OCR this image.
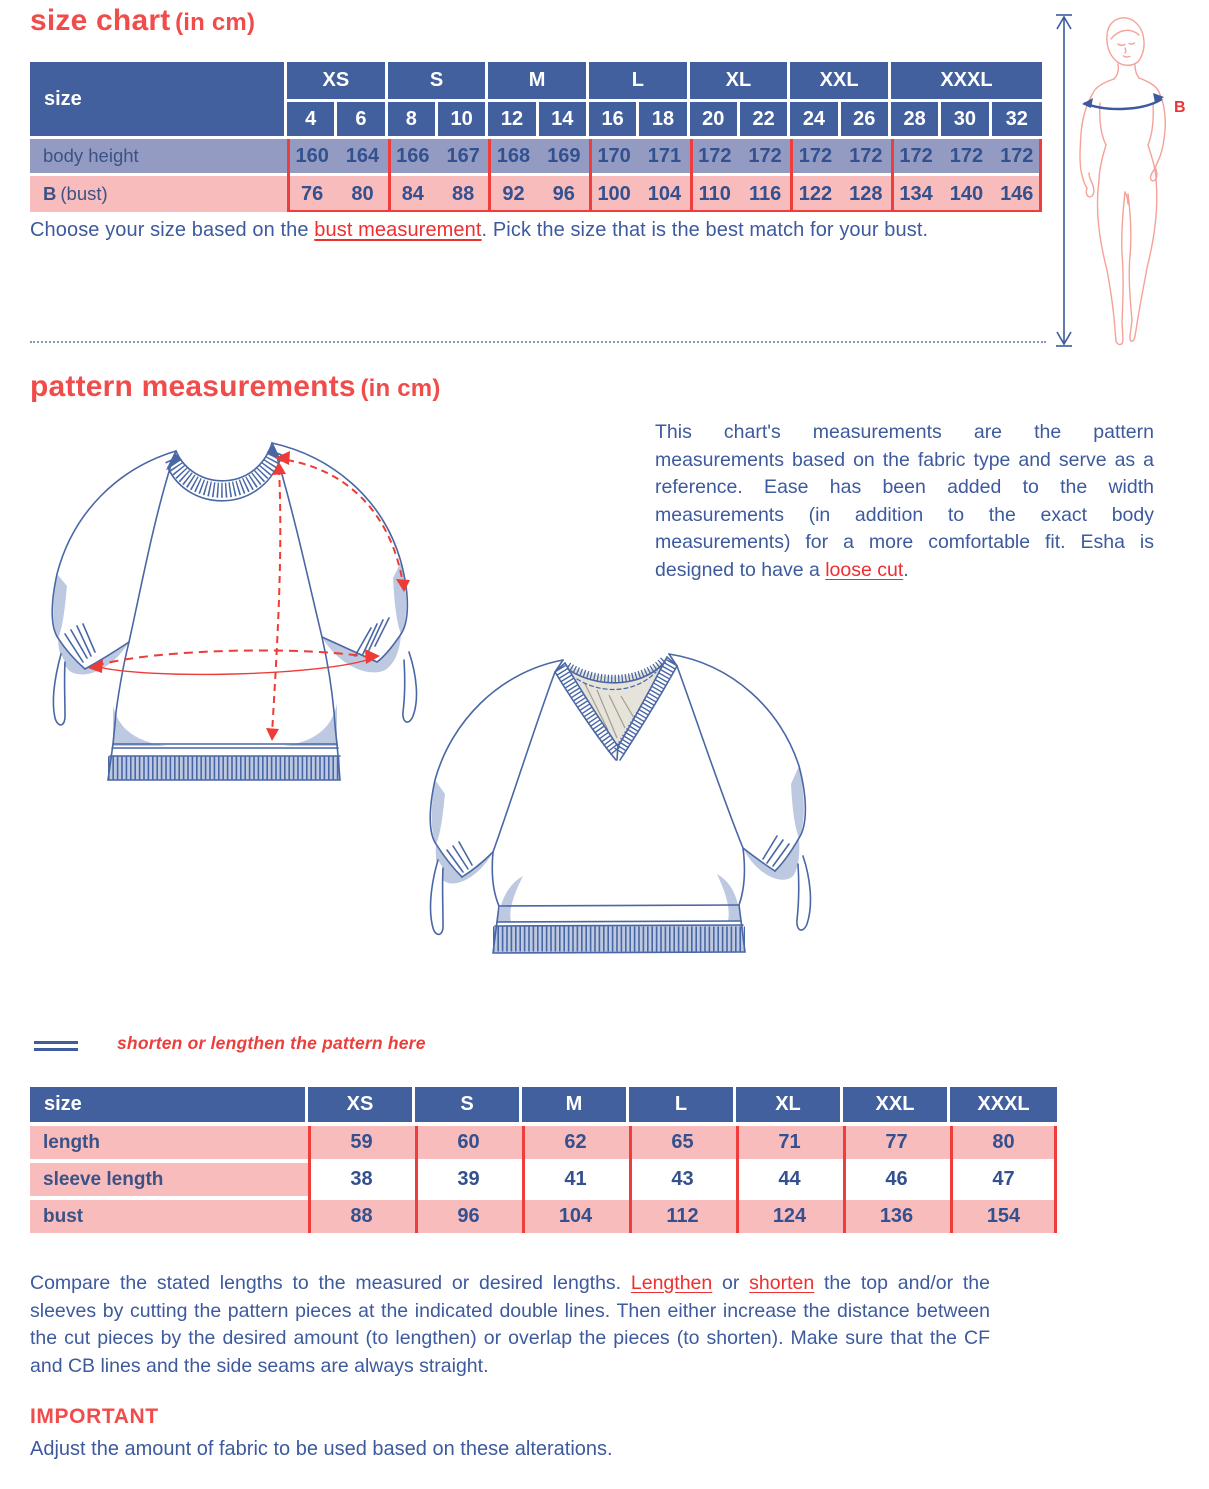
size chart (in cm)
size
XS	S	M	L	XL	XXL	XXXL
4	6	8	10	12	14	16	18	20	22	24	26	28	30	32
body height	160 164 166 167 168 169 170 171 172 172 172 172 172 172 172
B (bust)	76	80	84	88	92	96	100 104 110 116 122 128 134 140 146
Choose your size based on the bust measurement. Pick the size that is the best match for your bust.
B
pattern measurements (in cm)
This chart's measurements are the pattern measurements based on the fabric type and serve as a reference. Ease has been added to the width measurements (in addition to the exact body measurements) for a more comfortable fit. Esha is designed to have a loose cut.
shorten or lengthen the pattern here
size	XS	S	M	L	XL	XXL	XXXL
length	59	60	62	65	71	77	80
sleeve length	38	39	41	43	44	46	47
bust	88	96	104	112	124	136	154
Compare the stated lengths to the measured or desired lengths. Lengthen or shorten the top and/or the sleeves by cutting the pattern pieces at the indicated double lines. Then either increase the distance between the cut pieces by the desired amount (to lengthen) or overlap the pieces (to shorten). Make sure that the CF and CB lines and the side seams are always straight.
IMPORTANT
Adjust the amount of fabric to be used based on these alterations.
